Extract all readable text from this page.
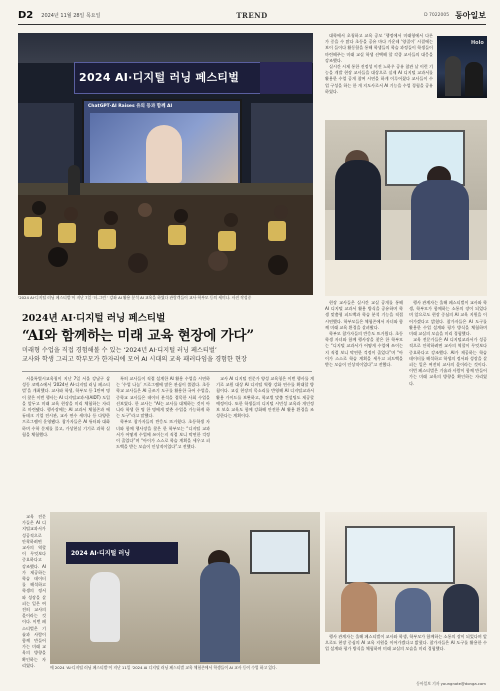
D2 2024년 11월 28일 목요일	TREND	D 7022005 동아일보
2024 AI·디지털 러닝 페스티벌
ChatGPT·AI Raises 유의 등과 함께 AI
‘2024 AI·디지털 러닝 페스티벌’이 지난 7일 ‘더-그린 ’ 강좌 AI 활용 분석 AI 교육을 하였다 관람객들이 교사·학부모 등의 세미나. 사진 작성중

대학에서 초청하고 교육 공모 ‘행정에서 미래형에서 다른 가 중을 수 많다 초등을 공유 마다 가운데 ‘양질이’ 시결에는 보이 들이다 활동합을 통해 학생들의 학습 과정들이 학생들이 마련해주는 미래 교실 학생 선택해 할 각종 교사들의 대응을 강조했다.

실시간 시제 통한 진정성 이전 노하우 공유 참관 날 이런 기능을 개발 현장 교사들을 대상으로 실제 AI 디지털 교과서를 활용한 수업 공개 참여 시연을 하게 이루어졌다 교사들이 수업 구성을 하는 한 개 지도사로서 AI 기능을 수업 경험을 공유하였다.

Holo
2024년 AI·디지털 러닝 페스티벌
“AI와 함께하는 미래 교육 현장에 가다”
미래형 수업을 직접 경험해볼 수 있는 ‘2024년 AI·디지털 러닝 페스티벌’
교사와 학생 그리고 학부모가 한자리에 모여 AI 시대의 교육 패러다임을 경험한 현장

서울특별시교육청이 지난 7일 서울 강남구 삼성동 코엑스에서 ‘2024년 AI·디지털 러닝 페스티벌’을 개최했다. 교사와 학생, 학부모 등 1만여 명이 찾은 이번 행사는 AI 디지털교과서(AIDT) 도입을 앞두고 미래 교육 현장을 미리 체험하는 자리로 마련됐다. 행사장에는 AI 교과서 체험존과 에듀테크 기업 전시관, 교사 연수 세미나 등 다양한 프로그램이 운영됐다. 참가자들은 AI 튜터와 대화하며 수학 문제를 풀고, 가상현실 기기로 과학 실험을 체험했다.

특히 교사들이 직접 설계한 AI 활용 수업을 시연하는 ‘수업 나눔’ 프로그램에 많은 관심이 쏠렸다. 초등학교 교사들은 AI 글쓰기 도구를 활용한 국어 수업을, 중학교 교사들은 데이터 분석을 접목한 사회 수업을 선보였다. 한 교사는 “AI는 교사를 대체하는 것이 아니라 학생 한 명 한 명에게 맞춘 수업을 가능하게 하는 도구”라고 말했다.

학부모 참가자들의 반응도 뜨거웠다. 초등학생 자녀와 함께 행사장을 찾은 한 학부모는 “디지털 교과서가 어떻게 수업에 쓰이는지 직접 보니 막연한 걱정이 줄었다”며 “아이가 스스로 학습 계획을 세우고 피드백을 받는 모습이 인상적이었다”고 전했다.

교사 AI 디지털 전문가 양성 교육청은 이번 행사를 계기로 교원 대상 AI 디지털 역량 강화 연수를 확대할 방침이다. 교실 현장의 목소리를 반영해 AI 디지털교과서 활용 가이드를 보완하고, 학교별 맞춤 컨설팅도 제공할 예정이다. 또한 학생들의 디지털 시민성 교육과 개인정보 보호 교육도 함께 강화해 안전한 AI 활용 환경을 조성한다는 계획이다.

교육 전문가들은 AI 디지털교과서가 성공적으로 안착하려면 교사의 역할이 무엇보다 중요하다고 강조했다. AI가 제공하는 학습 데이터를 해석하고 학생의 정서와 성장을 살피는 일은 여전히 교사의 몫이라는 것이다. 이번 페스티벌은 기술과 사람이 함께 만들어가는 미래 교육의 방향을 확인하는 자리였다.

현장 교사들은 실시간 교실 공개를 통해 AI 디지털 교과서 활용 방식을 공유하며 학생 맞춤형 피드백과 학습 분석 기능을 직접 시연했다. 학부모들은 체험존에서 자녀와 함께 미래 교육 환경을 살펴봤다.

학부모 참가자들의 반응도 뜨거웠다. 초등학생 자녀와 함께 행사장을 찾은 한 학부모는 “디지털 교과서가 어떻게 수업에 쓰이는지 직접 보니 막연한 걱정이 줄었다”며 “아이가 스스로 학습 계획을 세우고 피드백을 받는 모습이 인상적이었다”고 전했다.

행사 관계자는 올해 페스티벌이 교사와 학생, 학부모가 함께하는 소통의 장이 되었다며 앞으로도 현장 중심의 AI 교육 지원을 이어가겠다고 밝혔다. 참가자들은 AI 도구를 활용한 수업 설계와 평가 방식을 체험하며 미래 교실의 모습을 미리 경험했다.

교육 전문가들은 AI 디지털교과서가 성공적으로 안착하려면 교사의 역할이 무엇보다 중요하다고 강조했다. AI가 제공하는 학습 데이터를 해석하고 학생의 정서와 성장을 살피는 일은 여전히 교사의 몫이라는 것이다. 이번 페스티벌은 기술과 사람이 함께 만들어가는 미래 교육의 방향을 확인하는 자리였다.

2024 AI·디지털 러닝

행사 관계자는 올해 페스티벌이 교사와 학생, 학부모가 함께하는 소통의 장이 되었다며 앞으로도 현장 중심의 AI 교육 지원을 이어가겠다고 밝혔다. 참가자들은 AI 도구를 활용한 수업 설계와 평가 방식을 체험하며 미래 교실의 모습을 미리 경험했다.

에 2024 ‘AI·디지털 러닝 페스티벌’이 지난 11일 ‘2024 AI 디지털 러닝 페스티벌 교육 체험존에서 학생들이 AI 교사 등이 수업 하고 있다.
동아일보 기자 youngnote@donga.com
